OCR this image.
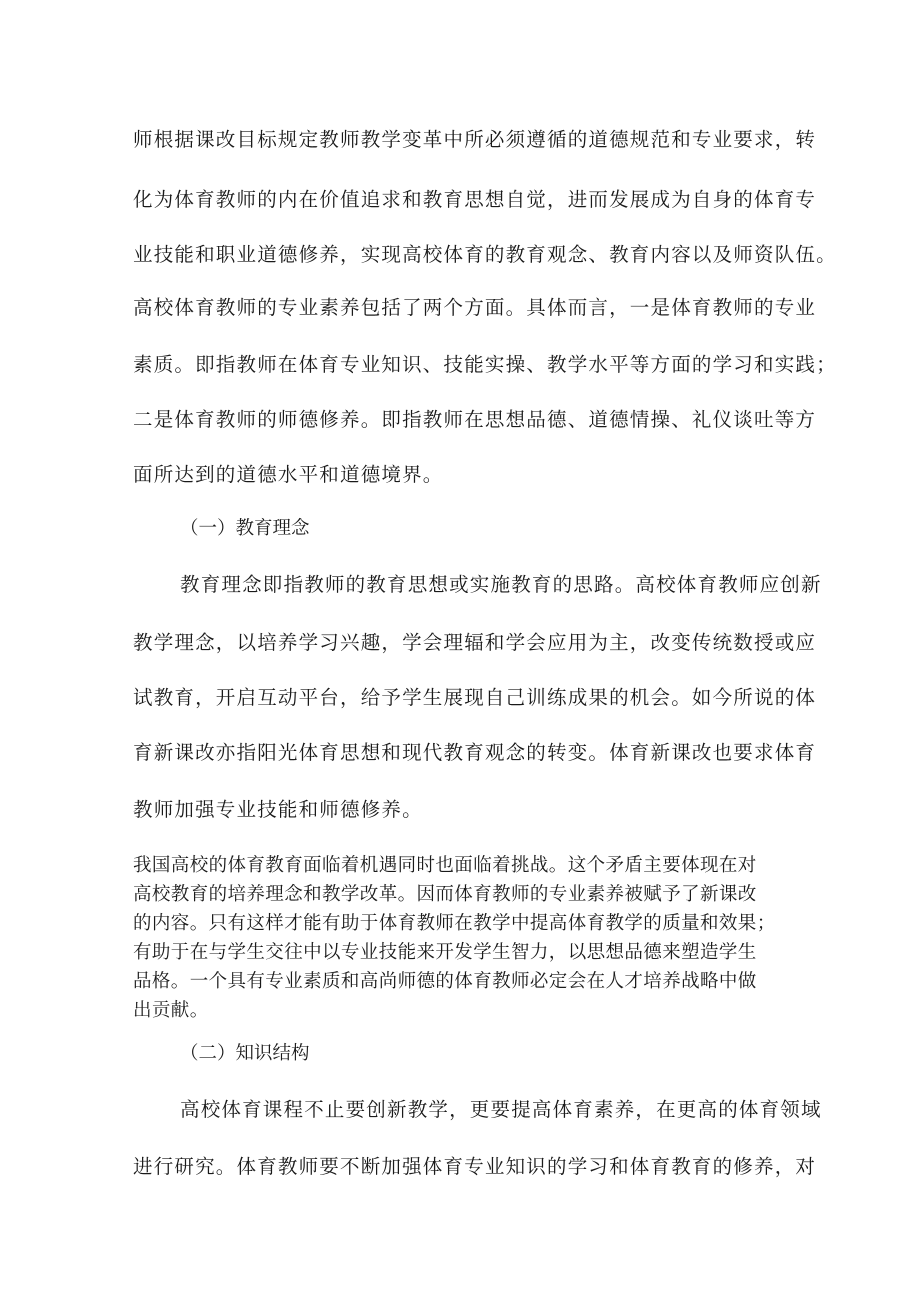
师根据课改目标规定教师教学变革中所必须遵循的道德规范和专业要求，转
化为体育教师的内在价值追求和教育思想自觉，进而发展成为自身的体育专
业技能和职业道德修养，实现高校体育的教育观念、教育内容以及师资队伍。
高校体育教师的专业素养包括了两个方面。具体而言，一是体育教师的专业
素质。即指教师在体育专业知识、技能实操、教学水平等方面的学习和实践；
二是体育教师的师德修养。即指教师在思想品德、道德情操、礼仪谈吐等方
面所达到的道德水平和道德境界。
（一）教育理念
教育理念即指教师的教育思想或实施教育的思路。高校体育教师应创新
教学理念，以培养学习兴趣，学会理辐和学会应用为主，改变传统数授或应
试教育，开启互动平台，给予学生展现自己训练成果的机会。如今所说的体
育新课改亦指阳光体育思想和现代教育观念的转变。体育新课改也要求体育
教师加强专业技能和师德修养。
我国高校的体育教育面临着机遇同时也面临着挑战。这个矛盾主要体现在对
高校教育的培养理念和教学改革。因而体育教师的专业素养被赋予了新课改
的内容。只有这样才能有助于体育教师在教学中提高体育教学的质量和效果；
有助于在与学生交往中以专业技能来开发学生智力，以思想品德来塑造学生
品格。一个具有专业素质和高尚师德的体育教师必定会在人才培养战略中做
出贡献。
（二）知识结构
高校体育课程不止要创新教学，更要提高体育素养，在更高的体育领域
进行研究。体育教师要不断加强体育专业知识的学习和体育教育的修养，对
